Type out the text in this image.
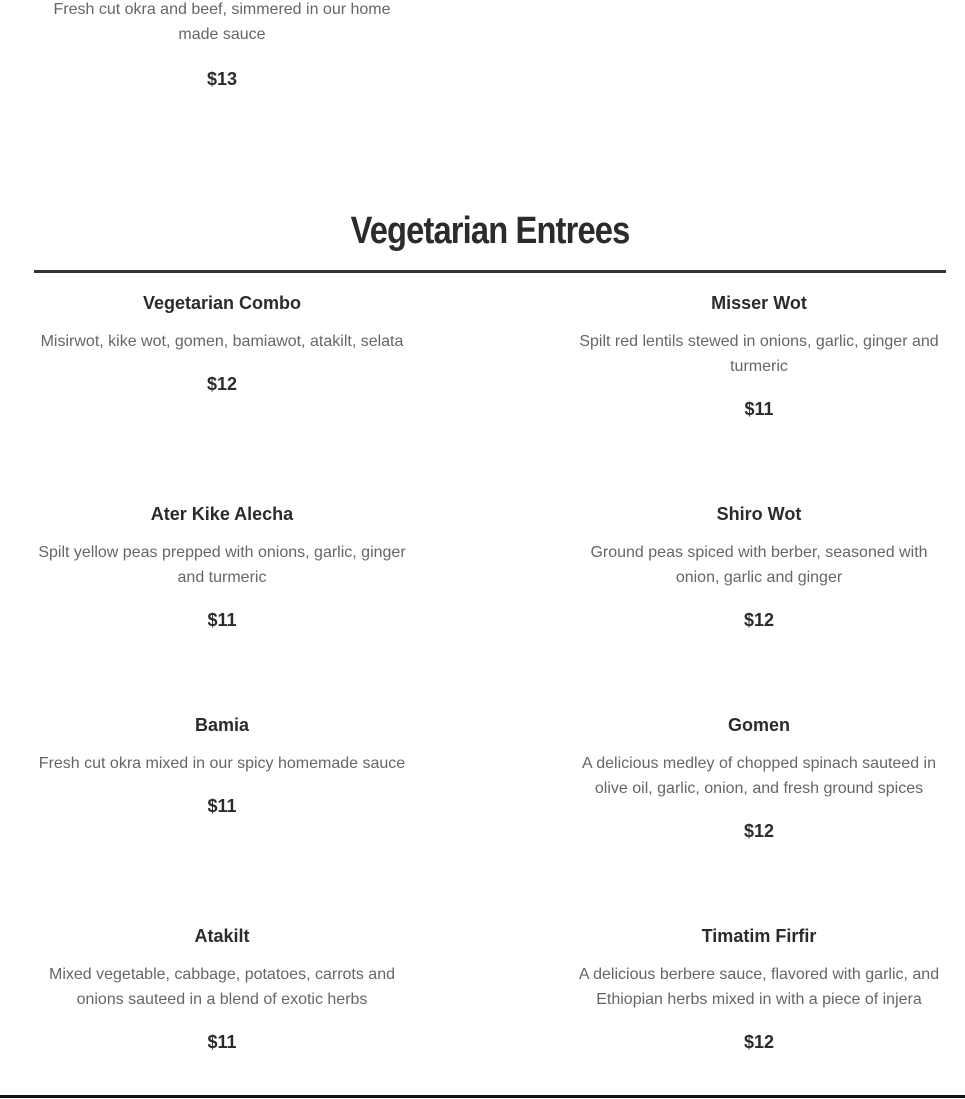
Fresh cut okra and beef, simmered in our home made sauce

$13

Vegetarian Entrees
Vegetarian Combo

Misirwot, kike wot, gomen, bamiawot, atakilt, selata

$12

Misser Wot

Spilt red lentils stewed in onions, garlic, ginger and turmeric

$11

Ater Kike Alecha

Spilt yellow peas prepped with onions, garlic, ginger and turmeric

$11

Shiro Wot

Ground peas spiced with berber, seasoned with onion, garlic and ginger

$12

Bamia

Fresh cut okra mixed in our spicy homemade sauce

$11

Gomen

A delicious medley of chopped spinach sauteed in olive oil, garlic, onion, and fresh ground spices

$12

Atakilt

Mixed vegetable, cabbage, potatoes, carrots and onions sauteed in a blend of exotic herbs

$11

Timatim Firfir

A delicious berbere sauce, flavored with garlic, and Ethiopian herbs mixed in with a piece of injera

$12
